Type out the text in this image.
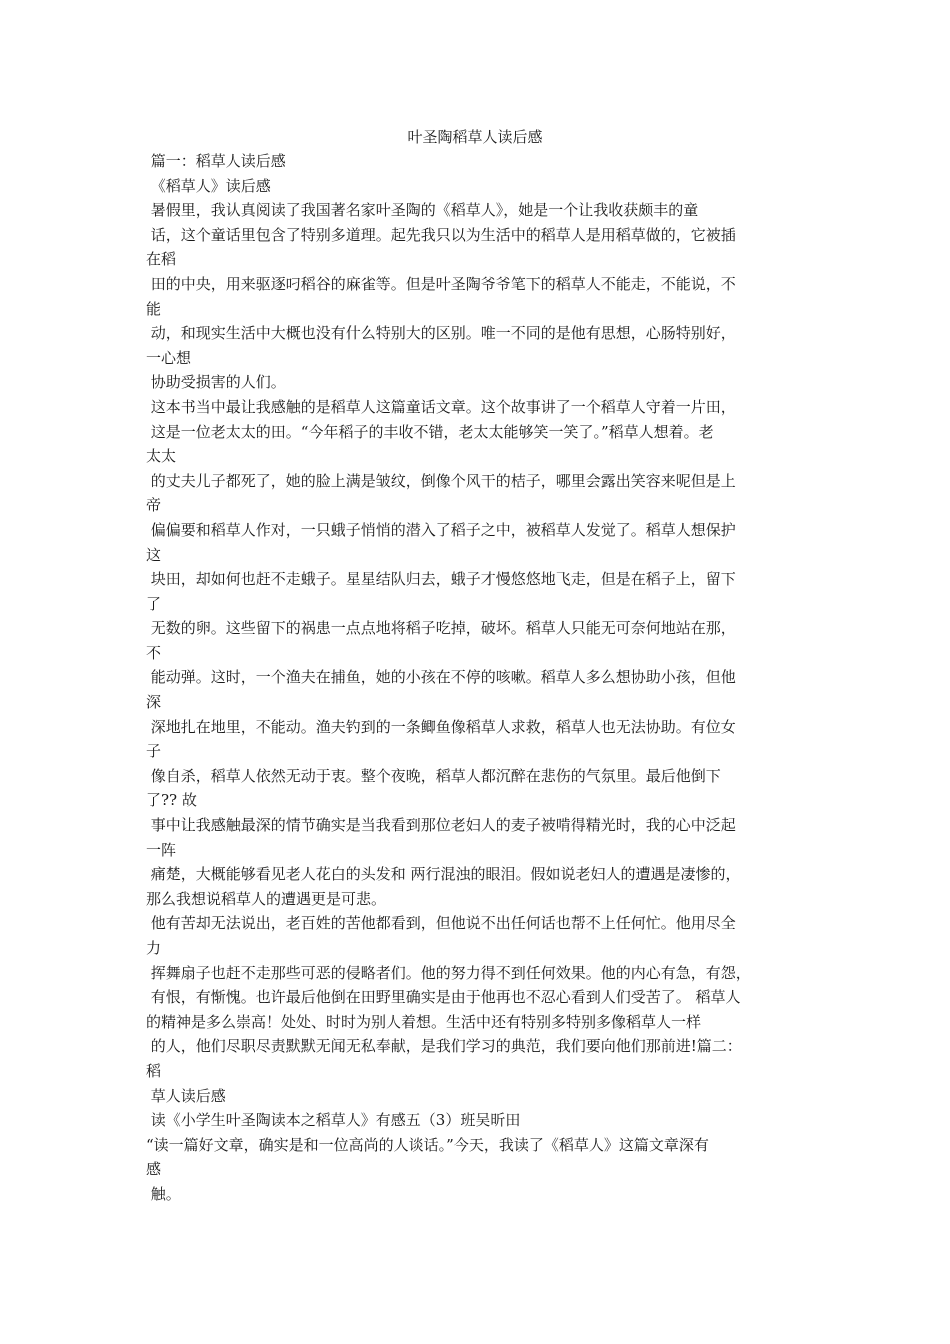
叶圣陶稻草人读后感
篇一：稻草人读后感
《稻草人》读后感
暑假里，我认真阅读了我国著名家叶圣陶的《稻草人》，她是一个让我收获颇丰的童
话，这个童话里包含了特别多道理。起先我只以为生活中的稻草人是用稻草做的，它被插
在稻
田的中央，用来驱逐叼稻谷的麻雀等。但是叶圣陶爷爷笔下的稻草人不能走，不能说，不
能
动，和现实生活中大概也没有什么特别大的区别。唯一不同的是他有思想，心肠特别好，
一心想
协助受损害的人们。
这本书当中最让我感触的是稻草人这篇童话文章。这个故事讲了一个稻草人守着一片田，
这是一位老太太的田。“今年稻子的丰收不错，老太太能够笑一笑了。”稻草人想着。老
太太
的丈夫儿子都死了，她的脸上满是皱纹，倒像个风干的桔子，哪里会露出笑容来呢但是上
帝
偏偏要和稻草人作对，一只蛾子悄悄的潜入了稻子之中，被稻草人发觉了。稻草人想保护
这
块田，却如何也赶不走蛾子。星星结队归去，蛾子才慢悠悠地飞走，但是在稻子上，留下
了
无数的卵。这些留下的祸患一点点地将稻子吃掉，破坏。稻草人只能无可奈何地站在那，
不
能动弹。这时，一个渔夫在捕鱼，她的小孩在不停的咳嗽。稻草人多么想协助小孩，但他
深
深地扎在地里，不能动。渔夫钓到的一条鲫鱼像稻草人求救，稻草人也无法协助。有位女
子
像自杀，稻草人依然无动于衷。整个夜晚，稻草人都沉醉在悲伤的气氛里。最后他倒下
了?? 故
事中让我感触最深的情节确实是当我看到那位老妇人的麦子被啃得精光时，我的心中泛起
一阵
痛楚，大概能够看见老人花白的头发和 两行混浊的眼泪。假如说老妇人的遭遇是凄惨的，
那么我想说稻草人的遭遇更是可悲。
他有苦却无法说出，老百姓的苦他都看到，但他说不出任何话也帮不上任何忙。他用尽全
力
挥舞扇子也赶不走那些可恶的侵略者们。他的努力得不到任何效果。他的内心有急，有怨，
有恨，有惭愧。也许最后他倒在田野里确实是由于他再也不忍心看到人们受苦了。 稻草人
的精神是多么崇高！处处、时时为别人着想。生活中还有特别多特别多像稻草人一样
的人，他们尽职尽责默默无闻无私奉献，是我们学习的典范，我们要向他们那前进!篇二：
稻
草人读后感
读《小学生叶圣陶读本之稻草人》有感五（3）班吴昕田
“读一篇好文章，确实是和一位高尚的人谈话。”今天，我读了《稻草人》这篇文章深有
感
触。
